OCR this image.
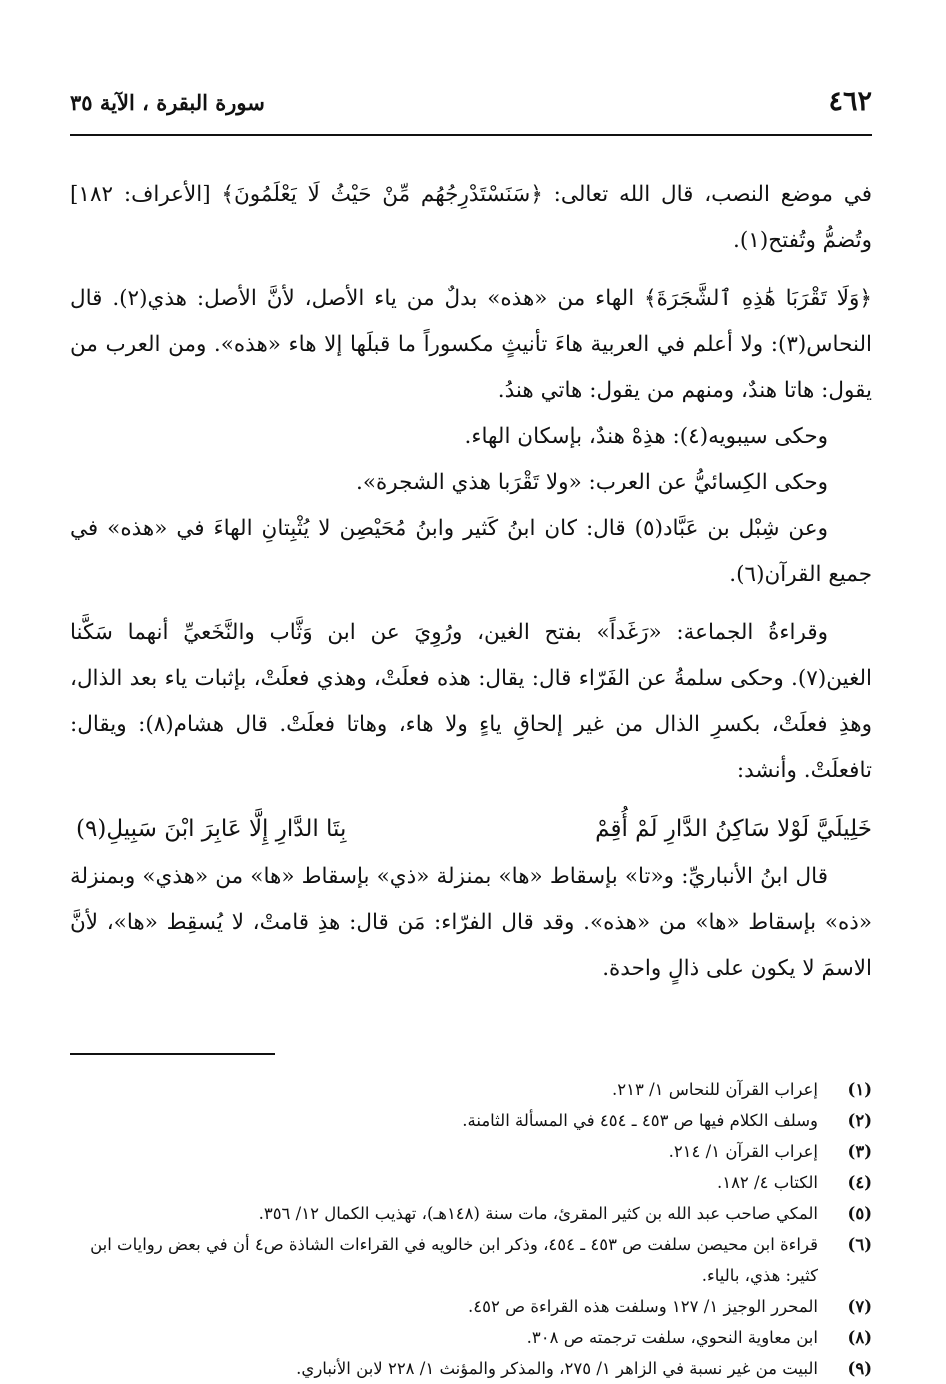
٤٦٢
سورة البقرة ، الآية ٣٥

في موضع النصب، قال الله تعالى: ﴿سَنَسْتَدْرِجُهُم مِّنْ حَيْثُ لَا يَعْلَمُونَ﴾ [الأعراف: ١٨٢] وتُضمُّ وتُفتح(١).

﴿وَلَا تَقْرَبَا هَٰذِهِ ٱلشَّجَرَةَ﴾ الهاء من «هذه» بدلٌ من ياء الأصل، لأنَّ الأصل: هذي(٢). قال النحاس(٣): ولا أعلم في العربية هاءَ تأنيثٍ مكسوراً ما قبلَها إلا هاء «هذه». ومن العرب من يقول: هاتا هندٌ، ومنهم من يقول: هاتي هندُ.

وحكى سيبويه(٤): هذِهْ هندٌ، بإسكان الهاء.

وحكى الكِسائيُّ عن العرب: «ولا تَقْرَبا هذي الشجرة».

وعن شِبْل بن عَبَّاد(٥) قال: كان ابنُ كَثير وابنُ مُحَيْصِن لا يُثْبِتانِ الهاءَ في «هذه» في جميع القرآن(٦).

وقراءةُ الجماعة: «رَغَداً» بفتح الغين، ورُوِيَ عن ابن وَثَّاب والنَّخَعيِّ أنهما سَكَّنا الغين(٧). وحكى سلمةُ عن الفَرّاء قال: يقال: هذه فعلَتْ، وهذي فعلَتْ، بإثبات ياء بعد الذال، وهذِ فعلَتْ، بكسرِ الذال من غير إلحاقِ ياءٍ ولا هاء، وهاتا فعلَتْ. قال هشام(٨): ويقال: تافعلَتْ. وأنشد:

خَلِيلَيَّ لَوْلا سَاكِنُ الدَّارِ لَمْ أُقِمْ
بِتَا الدَّارِ إِلَّا عَابِرَ ابْنَ سَبِيلِ(٩)

قال ابنُ الأنباريِّ: و«تا» بإسقاط «ها» بمنزلة «ذي» بإسقاط «ها» من «هذي» وبمنزلة «ذه» بإسقاط «ها» من «هذه». وقد قال الفرّاء: مَن قال: هذِ قامتْ، لا يُسقِط «ها»، لأنَّ الاسمَ لا يكون على ذالٍ واحدة.

(١)
إعراب القرآن للنحاس ١/ ٢١٣.
(٢)
وسلف الكلام فيها ص ٤٥٣ ـ ٤٥٤ في المسألة الثامنة.
(٣)
إعراب القرآن ١/ ٢١٤.
(٤)
الكتاب ٤/ ١٨٢.
(٥)
المكي صاحب عبد الله بن كثير المقرئ، مات سنة (١٤٨هـ)، تهذيب الكمال ١٢/ ٣٥٦.
(٦)
قراءة ابن محيصن سلفت ص ٤٥٣ ـ ٤٥٤، وذكر ابن خالويه في القراءات الشاذة ص٤ أن في بعض روايات ابن كثير: هذي، بالياء.
(٧)
المحرر الوجيز ١/ ١٢٧ وسلفت هذه القراءة ص ٤٥٢.
(٨)
ابن معاوية النحوي، سلفت ترجمته ص ٣٠٨.
(٩)
البيت من غير نسبة في الزاهر ١/ ٢٧٥، والمذكر والمؤنث ١/ ٢٢٨ لابن الأنباري.
